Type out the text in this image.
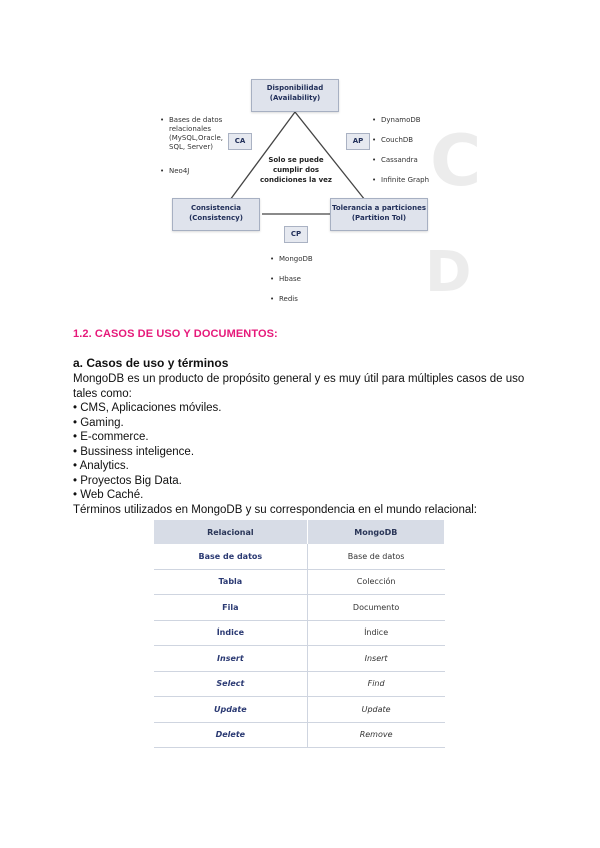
C
D
Disponibilidad
(Availability)
Consistencia
(Consistency)
Tolerancia a particiones
(Partition Tol)
Solo se puede
cumplir dos
condiciones la vez
CA	AP
CP
• Bases de datos
relacionales
(MySQL,Oracle,
SQL, Server)
• Neo4J
• DynamoDB
• CouchDB
• Cassandra
• Infinite Graph
• MongoDB
• Hbase
• Redis
1.2. CASOS DE USO Y DOCUMENTOS:
a. Casos de uso y términos
MongoDB es un producto de propósito general y es muy útil para múltiples casos de uso
tales como:
• CMS, Aplicaciones móviles.
• Gaming.
• E-commerce.
• Bussiness inteligence.
• Analytics.
• Proyectos Big Data.
• Web Caché.
Términos utilizados en MongoDB y su correspondencia en el mundo relacional:
Relacional	MongoDB
Base de datos	Base de datos
Tabla	Colección
Fila	Documento
Índice	Índice
Insert	Insert
Select	Find
Update	Update
Delete	Remove
